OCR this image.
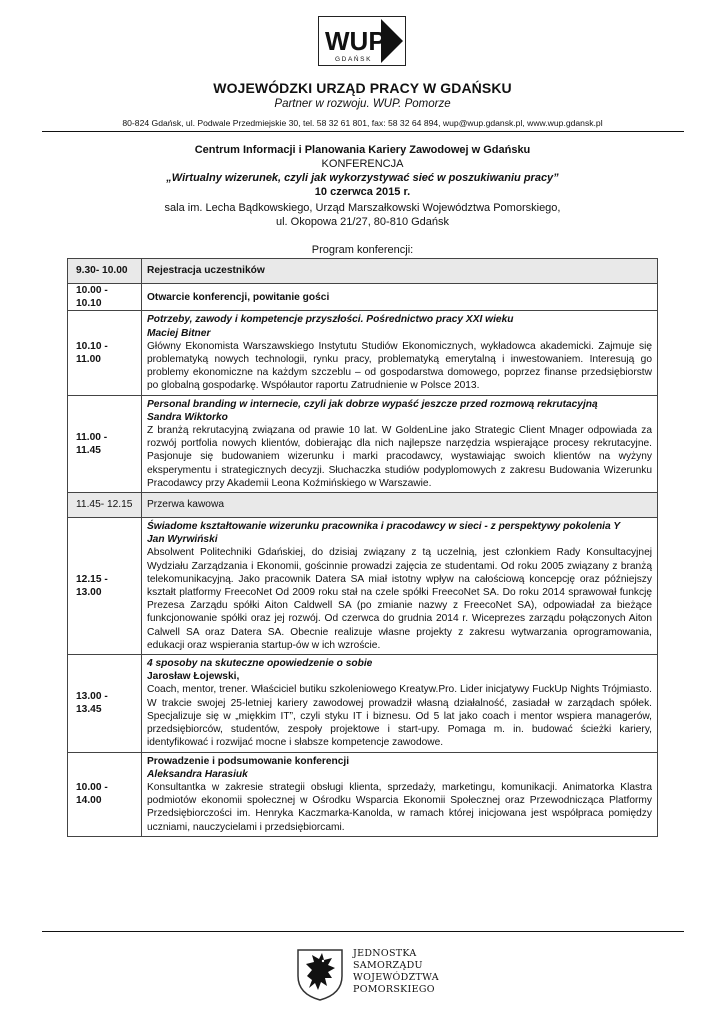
WUP
GDAŃSK
WOJEWÓDZKI URZĄD PRACY W GDAŃSKU
Partner w rozwoju. WUP. Pomorze
80-824 Gdańsk, ul. Podwale Przedmiejskie 30, tel. 58 32 61 801, fax: 58 32 64 894, wup@wup.gdansk.pl, www.wup.gdansk.pl
Centrum Informacji i Planowania Kariery Zawodowej w Gdańsku
KONFERENCJA
„Wirtualny wizerunek, czyli jak wykorzystywać sieć w poszukiwaniu pracy”
10 czerwca 2015 r.
sala im. Lecha Bądkowskiego, Urząd Marszałkowski Województwa Pomorskiego,
ul. Okopowa 21/27, 80-810 Gdańsk
Program konferencji:
9.30- 10.00	Rejestracja uczestników
10.00 - 10.10	Otwarcie konferencji, powitanie gości
10.10 - 11.00	Potrzeby, zawody i kompetencje przyszłości. Pośrednictwo pracy XXI wieku
Maciej Bitner
Główny Ekonomista Warszawskiego Instytutu Studiów Ekonomicznych, wykładowca akademicki. Zajmuje się problematyką nowych technologii, rynku pracy, problematyką emerytalną i inwestowaniem. Interesują go problemy ekonomiczne na każdym szczeblu – od gospodarstwa domowego, poprzez finanse przedsiębiorstw po globalną gospodarkę. Współautor raportu Zatrudnienie w Polsce 2013.

11.00 - 11.45	Personal branding w internecie, czyli jak dobrze wypaść jeszcze przed rozmową rekrutacyjną
Sandra Wiktorko
Z branżą rekrutacyjną związana od prawie 10 lat. W GoldenLine jako Strategic Client Mnager odpowiada za rozwój portfolia nowych klientów, dobierając dla nich najlepsze narzędzia wspierające procesy rekrutacyjne. Pasjonuje się budowaniem wizerunku i marki pracodawcy, wystawiając swoich klientów na wyżyny eksperymentu i strategicznych decyzji. Słuchaczka studiów podyplomowych z zakresu Budowania Wizerunku Pracodawcy przy Akademii Leona Koźmińskiego w Warszawie.

11.45- 12.15	Przerwa kawowa
12.15 - 13.00	Świadome kształtowanie wizerunku pracownika i pracodawcy w sieci - z perspektywy pokolenia Y
Jan Wyrwiński
Absolwent Politechniki Gdańskiej, do dzisiaj związany z tą uczelnią, jest członkiem Rady Konsultacyjnej Wydziału Zarządzania i Ekonomii, gościnnie prowadzi zajęcia ze studentami. Od roku 2005 związany z branżą telekomunikacyjną. Jako pracownik Datera SA miał istotny wpływ na całościową koncepcję oraz późniejszy kształt platformy FreecoNet Od 2009 roku stał na czele spółki FreecoNet SA. Do roku 2014 sprawował funkcję Prezesa Zarządu spółki Aiton Caldwell SA (po zmianie nazwy z FreecoNet SA), odpowiadał za bieżące funkcjonowanie spółki oraz jej rozwój. Od czerwca do grudnia 2014 r. Wiceprezes zarządu połączonych Aiton Calwell SA oraz Datera SA. Obecnie realizuje własne projekty z zakresu wytwarzania oprogramowania, edukacji oraz wspierania startup-ów w ich wzroście.

13.00 - 13.45	4 sposoby na skuteczne opowiedzenie o sobie
Jarosław Łojewski,
Coach, mentor, trener. Właściciel butiku szkoleniowego Kreatyw.Pro. Lider inicjatywy FuckUp Nights Trójmiasto. W trakcie swojej 25-letniej kariery zawodowej prowadził własną działalność, zasiadał w zarządach spółek. Specjalizuje się w „miękkim IT”, czyli styku IT i biznesu. Od 5 lat jako coach i mentor wspiera managerów, przedsiębiorców, studentów, zespoły projektowe i start-upy. Pomaga m. in. budować ścieżki kariery, identyfikować i rozwijać mocne i słabsze kompetencje zawodowe.

10.00 - 14.00	Prowadzenie i podsumowanie konferencji
Aleksandra Harasiuk
Konsultantka w zakresie strategii obsługi klienta, sprzedaży, marketingu, komunikacji. Animatorka Klastra podmiotów ekonomii społecznej w Ośrodku Wsparcia Ekonomii Społecznej oraz Przewodnicząca Platformy Przedsiębiorczości im. Henryka Kaczmarka-Kanolda, w ramach której inicjowana jest współpraca pomiędzy uczniami, nauczycielami i przedsiębiorcami.
JEDNOSTKA
SAMORZĄDU
WOJEWÓDZTWA
POMORSKIEGO
